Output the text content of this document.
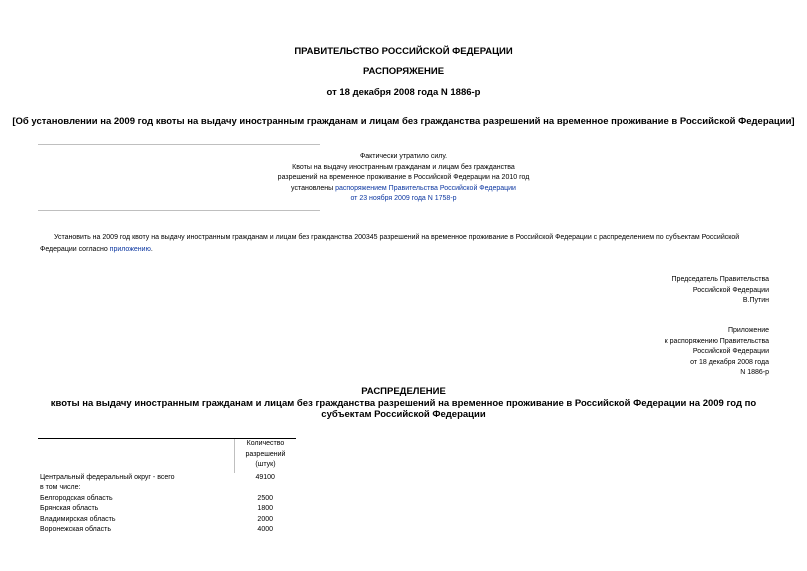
ПРАВИТЕЛЬСТВО РОССИЙСКОЙ ФЕДЕРАЦИИ
РАСПОРЯЖЕНИЕ
от 18 декабря 2008 года N 1886-р
[Об установлении на 2009 год квоты на выдачу иностранным гражданам и лицам без гражданства разрешений на временное проживание в Российской Федерации]
Фактически утратило силу.
Квоты на выдачу иностранным гражданам и лицам без гражданства
разрешений на временное проживание в Российской Федерации на 2010 год
установлены распоряжением Правительства Российской Федерации
от 23 ноября 2009 года N 1758-р
Установить на 2009 год квоту на выдачу иностранным гражданам и лицам без гражданства 200345 разрешений на временное проживание в Российской Федерации с распределением по субъектам Российской Федерации согласно приложению.
Председатель Правительства
Российской Федерации
В.Путин
Приложение
к распоряжению Правительства
Российской Федерации
от 18 декабря 2008 года
N 1886-р
РАСПРЕДЕЛЕНИЕ
квоты на выдачу иностранным гражданам и лицам без гражданства разрешений на временное проживание в Российской Федерации на 2009 год по субъектам Российской Федерации

	Количество
разрешений
(штук)

Центральный федеральный округ - всего	49100
в том числе:	
Белгородская область	2500
Брянская область	1800
Владимирская область	2000
Воронежская область	4000
